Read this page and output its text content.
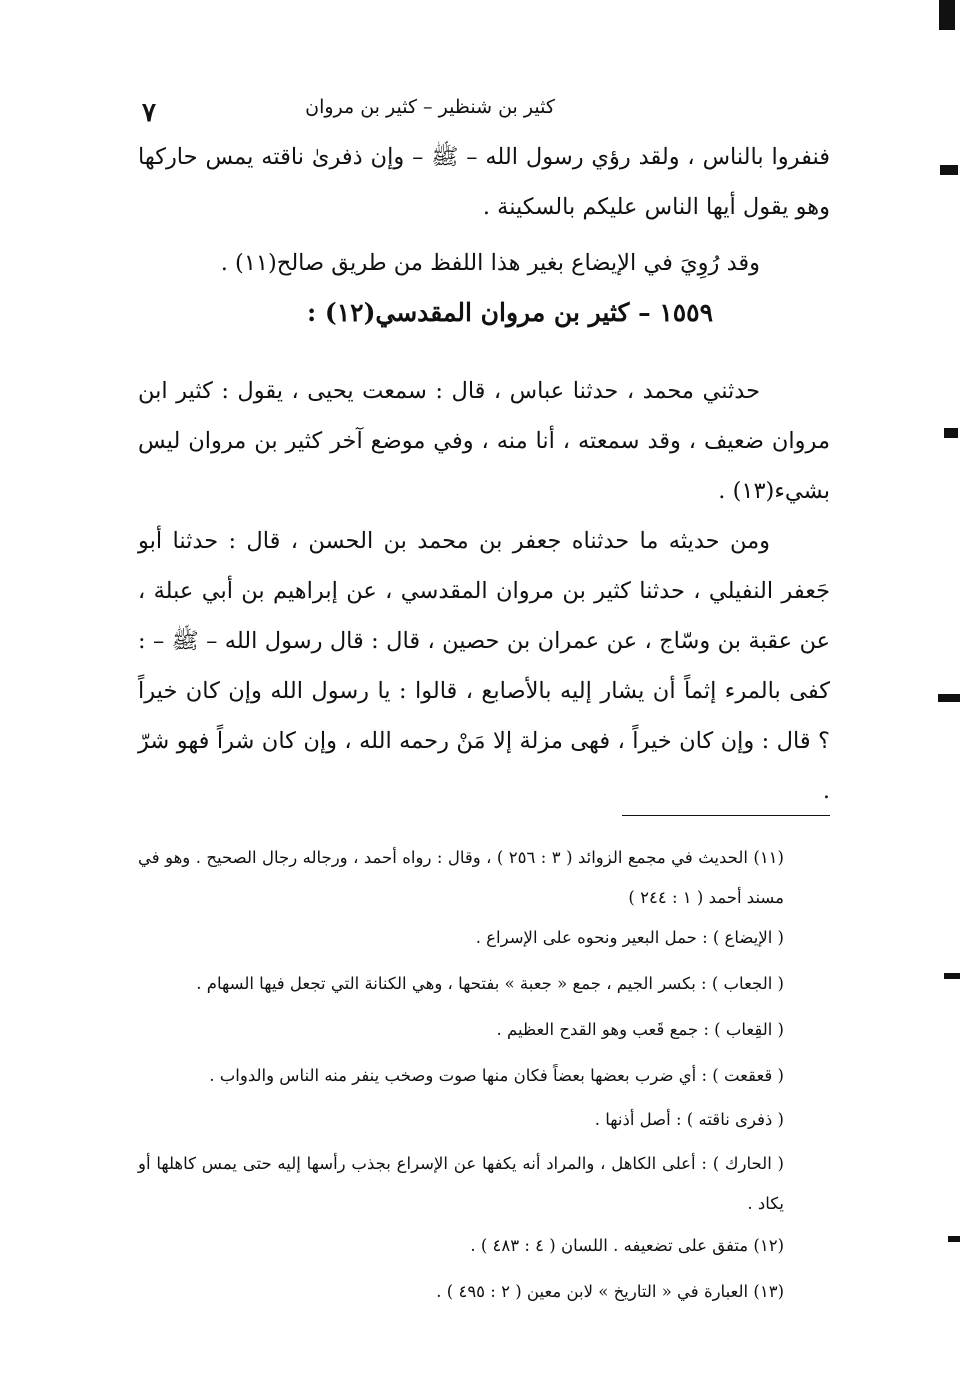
٧	كثير بن شنظير – كثير بن مروان

فنفروا بالناس ، ولقد رؤي رسول الله – ﷺ – وإن ذفرىٰ ناقته يمس حاركها وهو يقول أيها الناس عليكم بالسكينة .

وقد رُوِيَ في الإيضاع بغير هذا اللفظ من طريق صالح(١١) .

١٥٥٩ – كثير بن مروان المقدسي(١٢) :

حدثني محمد ، حدثنا عباس ، قال : سمعت يحيى ، يقول : كثير ابن مروان ضعيف ، وقد سمعته ، أنا منه ، وفي موضع آخر كثير بن مروان ليس بشيء(١٣) .

ومن حديثه ما حدثناه جعفر بن محمد بن الحسن ، قال : حدثنا أبو جَعفر النفيلي ، حدثنا كثير بن مروان المقدسي ، عن إبراهيم بن أبي عبلة ، عن عقبة بن وسّاج ، عن عمران بن حصين ، قال : قال رسول الله – ﷺ – : كفى بالمرء إثماً أن يشار إليه بالأصابع ، قالوا : يا رسول الله وإن كان خيراً ؟ قال : وإن كان خيراً ، فهى مزلة إلا مَنْ رحمه الله ، وإن كان شراً فهو شرّ .

(١١) الحديث في مجمع الزوائد ( ٣ : ٢٥٦ ) ، وقال : رواه أحمد ، ورجاله رجال الصحيح . وهو في مسند أحمد ( ١ : ٢٤٤ )
( الإيضاع ) : حمل البعير ونحوه على الإسراع .
( الجعاب ) : بكسر الجيم ، جمع « جعبة » بفتحها ، وهي الكنانة التي تجعل فيها السهام .
( القِعاب ) : جمع قَعب وهو القدح العظيم .
( قعقعت ) : أي ضرب بعضها بعضاً فكان منها صوت وصخب ينفر منه الناس والدواب .
( ذفرى ناقته ) : أصل أذنها .
( الحارك ) : أعلى الكاهل ، والمراد أنه يكفها عن الإسراع بجذب رأسها إليه حتى يمس كاهلها أو يكاد .
(١٢) متفق على تضعيفه . اللسان ( ٤ : ٤٨٣ ) .
(١٣) العبارة في « التاريخ » لابن معين ( ٢ : ٤٩٥ ) .
